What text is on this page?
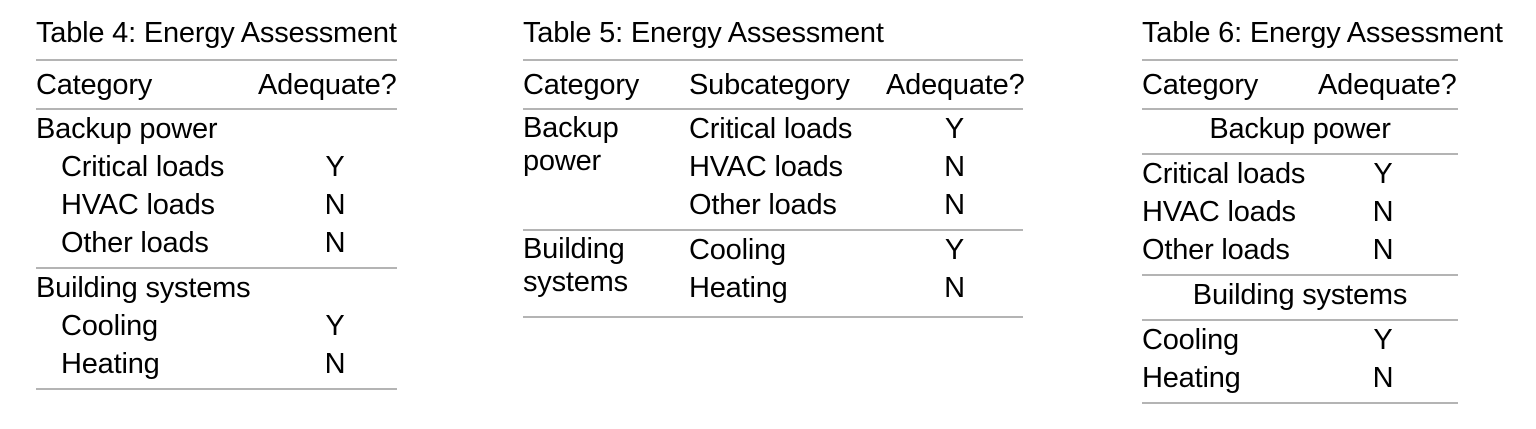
Table 4: Energy Assessment
Category	Adequate?
Backup power
Critical loads	Y
HVAC loads	N
Other loads	N
Building systems
Cooling	Y
Heating	N
Table 5: Energy Assessment
Category	Subcategory	Adequate?
Backup power
Critical loads	Y
HVAC loads	N
Other loads	N
Building systems
Cooling	Y
Heating	N
Table 6: Energy Assessment
Category	Adequate?
Backup power
Critical loads	Y
HVAC loads	N
Other loads	N
Building systems
Cooling	Y
Heating	N
